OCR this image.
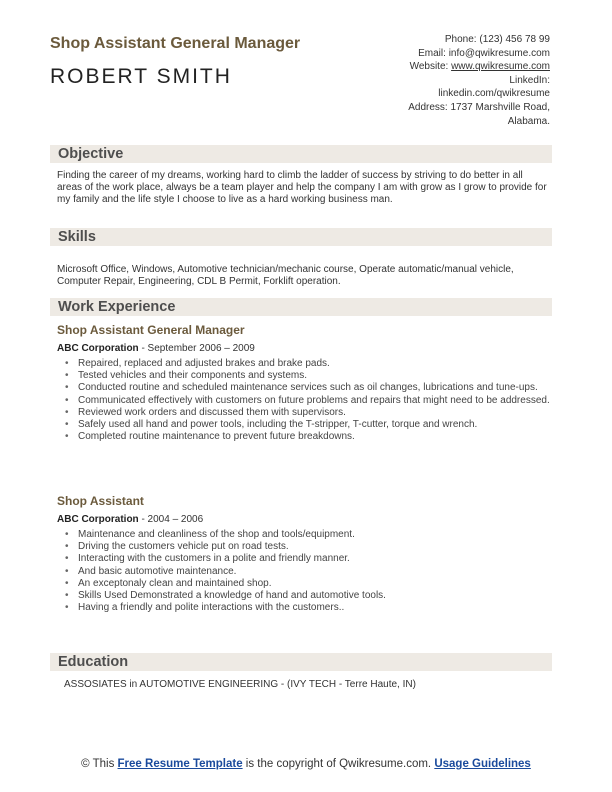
Shop Assistant General Manager
ROBERT SMITH
Phone: (123) 456 78 99
Email: info@qwikresume.com
Website: www.qwikresume.com
LinkedIn:
linkedin.com/qwikresume
Address: 1737 Marshville Road,
Alabama.
Objective
Finding the career of my dreams, working hard to climb the ladder of success by striving to do better in all areas of the work place, always be a team player and help the company I am with grow as I grow to provide for my family and the life style I choose to live as a hard working business man.
Skills
Microsoft Office, Windows, Automotive technician/mechanic course, Operate automatic/manual vehicle, Computer Repair, Engineering, CDL B Permit, Forklift operation.
Work Experience
Shop Assistant General Manager
ABC Corporation - September 2006 – 2009
• Repaired, replaced and adjusted brakes and brake pads.
• Tested vehicles and their components and systems.
• Conducted routine and scheduled maintenance services such as oil changes, lubrications and tune-ups.
• Communicated effectively with customers on future problems and repairs that might need to be addressed.
• Reviewed work orders and discussed them with supervisors.
• Safely used all hand and power tools, including the T-stripper, T-cutter, torque and wrench.
• Completed routine maintenance to prevent future breakdowns.
Shop Assistant
ABC Corporation - 2004 – 2006
• Maintenance and cleanliness of the shop and tools/equipment.
• Driving the customers vehicle put on road tests.
• Interacting with the customers in a polite and friendly manner.
• And basic automotive maintenance.
• An exceptonaly clean and maintained shop.
• Skills Used Demonstrated a knowledge of hand and automotive tools.
• Having a friendly and polite interactions with the customers..
Education
ASSOSIATES in AUTOMOTIVE ENGINEERING - (IVY TECH - Terre Haute, IN)
© This Free Resume Template is the copyright of Qwikresume.com. Usage Guidelines
